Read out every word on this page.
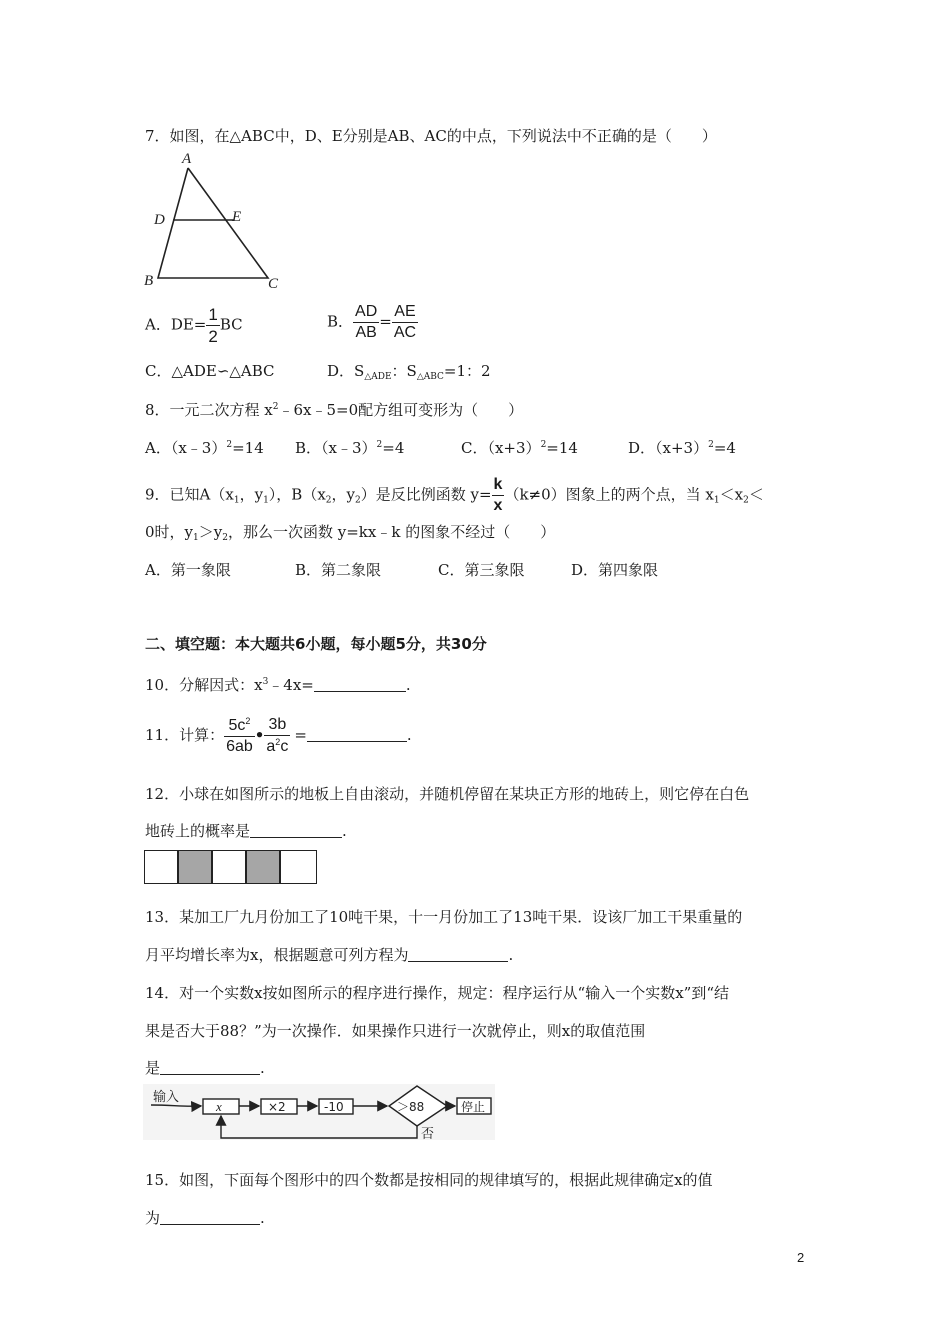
7．如图，在△ABC中，D、E分别是AB、AC的中点，下列说法中不正确的是（　　）
A
D	E
B	C
A．$DE= \frac{1}{2}$ BC	B． $\frac{AD}{AB} = \frac{AE}{AC}$
C．△ADE∽△ABC	D．$S_{\triangle ADE}$：$S_{\triangle ABC}=1$：2
8．一元二次方程 $x^2﹣6x﹣5=0$配方组可变形为（　　）
A．（x﹣3）$^2$=14 B．（x﹣3）$^2$=4	C．$(x+3)^2=14$	D．$(x+3)^2=4$
9．已知$A(x_1$，$y_1$），$B(x_2$，$y_2$）是反比例函数 $y= \frac{k}{x} (k\ne 0)$图象上的两个点，当 $x_1<x_2<$
0时，$y_1>y_2$，那么一次函数 y=kx﹣k 的图象不经过（　　）
A．第一象限	B．第二象限	C．第三象限	D．第四象限
二、填空题：本大题共6小题，每小题5分，共30分
10．分解因式：$x^3﹣4x=$	.
11．计算： $\frac{5c^2}{6ab}$ • $\frac{3b}{a^2c}$ =	.
12．小球在如图所示的地板上自由滚动，并随机停留在某块正方形的地砖上，则它停在白色
地砖上的概率是	.
13．某加工厂九月份加工了10吨干果，十一月份加工了13吨干果．设该厂加工干果重量的
月平均增长率为x，根据题意可列方程为	.
14．对一个实数x按如图所示的程序进行操作，规定：程序运行从“输入一个实数x”到“结
果是否大于88？”为一次操作．如果操作只进行一次就停止，则x的取值范围
是	.
输入
x	×2	-10	＞88	停止
否
15．如图，下面每个图形中的四个数都是按相同的规律填写的，根据此规律确定x的值
为	.
2
